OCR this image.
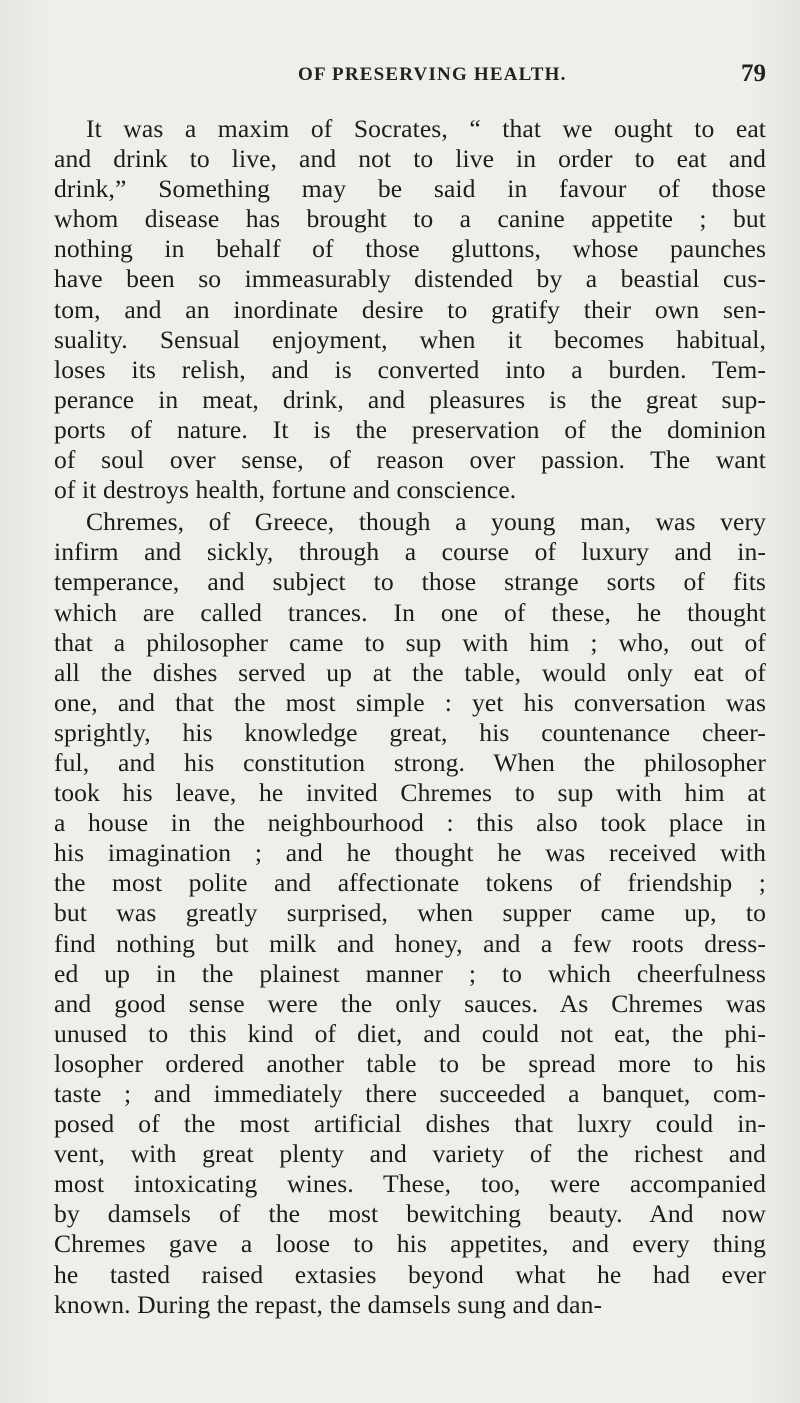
OF PRESERVING HEALTH.	79
It was a maxim of Socrates, “ that we ought to eat
and drink to live, and not to live in order to eat and
drink,” Something may be said in favour of those
whom disease has brought to a canine appetite ; but
nothing in behalf of those gluttons, whose paunches
have been so immeasurably distended by a beastial cus-
tom, and an inordinate desire to gratify their own sen-
suality. Sensual enjoyment, when it becomes habitual,
loses its relish, and is converted into a burden. Tem-
perance in meat, drink, and pleasures is the great sup-
ports of nature. It is the preservation of the dominion
of soul over sense, of reason over passion. The want
of it destroys health, fortune and conscience.
Chremes, of Greece, though a young man, was very
infirm and sickly, through a course of luxury and in-
temperance, and subject to those strange sorts of fits
which are called trances. In one of these, he thought
that a philosopher came to sup with him ; who, out of
all the dishes served up at the table, would only eat of
one, and that the most simple : yet his conversation was
sprightly, his knowledge great, his countenance cheer-
ful, and his constitution strong. When the philosopher
took his leave, he invited Chremes to sup with him at
a house in the neighbourhood : this also took place in
his imagination ; and he thought he was received with
the most polite and affectionate tokens of friendship ;
but was greatly surprised, when supper came up, to
find nothing but milk and honey, and a few roots dress-
ed up in the plainest manner ; to which cheerfulness
and good sense were the only sauces. As Chremes was
unused to this kind of diet, and could not eat, the phi-
losopher ordered another table to be spread more to his
taste ; and immediately there succeeded a banquet, com-
posed of the most artificial dishes that luxry could in-
vent, with great plenty and variety of the richest and
most intoxicating wines. These, too, were accompanied
by damsels of the most bewitching beauty. And now
Chremes gave a loose to his appetites, and every thing
he tasted raised extasies beyond what he had ever
known. During the repast, the damsels sung and dan-
